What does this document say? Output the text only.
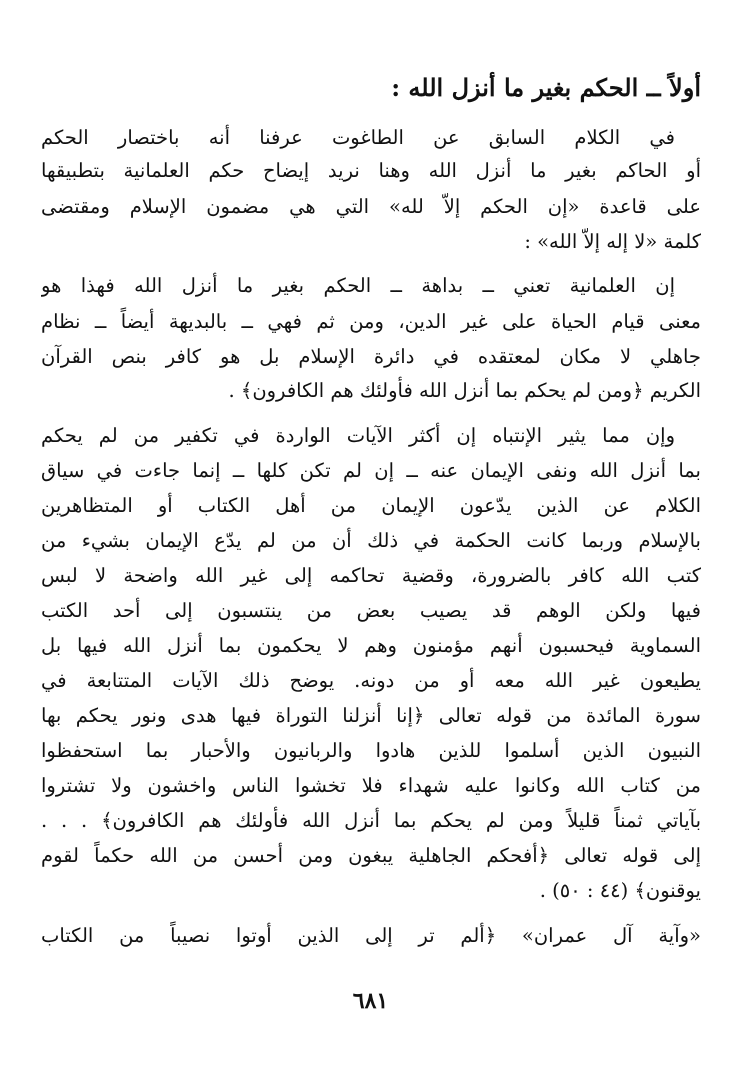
أولاً ــ الحكم بغير ما أنزل الله :
في الكلام السابق عن الطاغوت عرفنا أنه باختصار الحكم
أو الحاكم بغير ما أنزل الله وهنا نريد إيضاح حكم العلمانية بتطبيقها
على قاعدة «إن الحكم إلاّ لله» التي هي مضمون الإسلام ومقتضى
كلمة «لا إله إلاّ الله» :
إن العلمانية تعني ــ بداهة ــ الحكم بغير ما أنزل الله فهذا هو
معنى قيام الحياة على غير الدين، ومن ثم فهي ــ بالبديهة أيضاً ــ نظام
جاهلي لا مكان لمعتقده في دائرة الإسلام بل هو كافر بنص القرآن
الكريم ﴿ومن لم يحكم بما أنزل الله فأولئك هم الكافرون﴾ .
وإن مما يثير الإنتباه إن أكثر الآيات الواردة في تكفير من لم يحكم
بما أنزل الله ونفى الإيمان عنه ــ إن لم تكن كلها ــ إنما جاءت في سياق
الكلام عن الذين يدّعون الإيمان من أهل الكتاب أو المتظاهرين
بالإسلام وربما كانت الحكمة في ذلك أن من لم يدّع الإيمان بشيء من
كتب الله كافر بالضرورة، وقضية تحاكمه إلى غير الله واضحة لا لبس
فيها ولكن الوهم قد يصيب بعض من ينتسبون إلى أحد الكتب
السماوية فيحسبون أنهم مؤمنون وهم لا يحكمون بما أنزل الله فيها بل
يطيعون غير الله معه أو من دونه. يوضح ذلك الآيات المتتابعة في
سورة المائدة من قوله تعالى ﴿إنا أنزلنا التوراة فيها هدى ونور يحكم بها
النبيون الذين أسلموا للذين هادوا والربانيون والأحبار بما استحفظوا
من كتاب الله وكانوا عليه شهداء فلا تخشوا الناس واخشون ولا تشتروا
بآياتي ثمناً قليلاً ومن لم يحكم بما أنزل الله فأولئك هم الكافرون﴾ . . .
إلى قوله تعالى ﴿أفحكم الجاهلية يبغون ومن أحسن من الله حكماً لقوم
يوقنون﴾ (٤٤ : ٥٠) .
«وآية آل عمران» ﴿ألم تر إلى الذين أوتوا نصيباً من الكتاب
٦٨١
